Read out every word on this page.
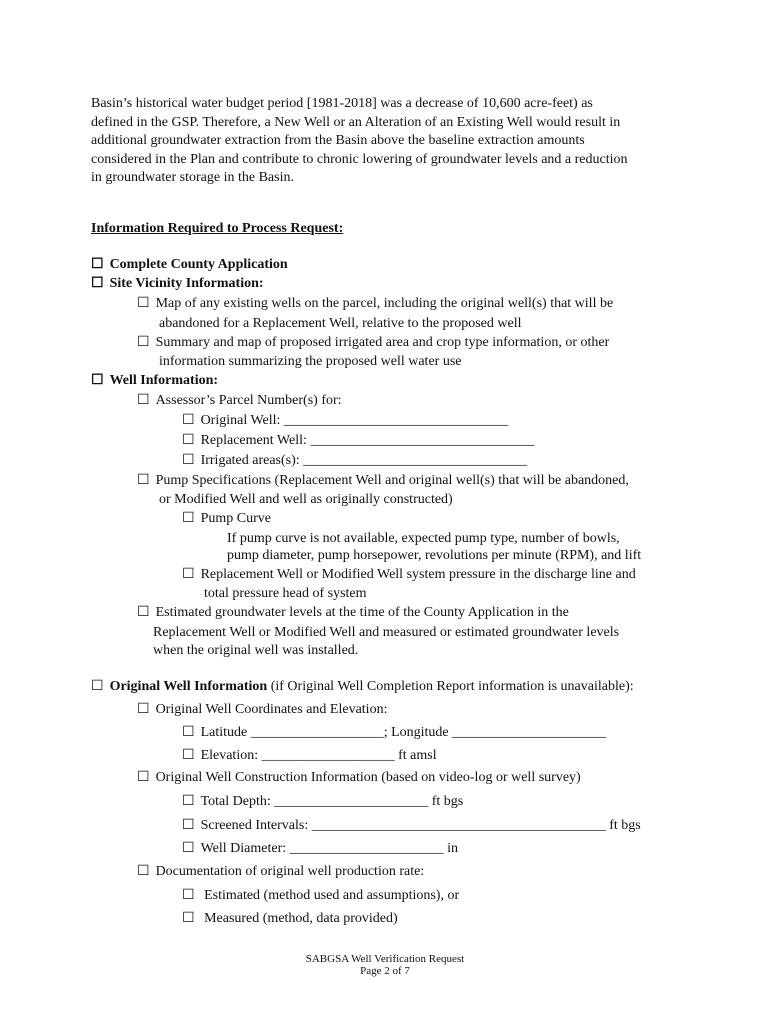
Basin’s historical water budget period [1981-2018] was a decrease of 10,600 acre-feet) as
defined in the GSP. Therefore, a New Well or an Alteration of an Existing Well would result in
additional groundwater extraction from the Basin above the baseline extraction amounts
considered in the Plan and contribute to chronic lowering of groundwater levels and a reduction
in groundwater storage in the Basin.
Information Required to Process Request:
☐ Complete County Application
☐ Site Vicinity Information:
☐ Map of any existing wells on the parcel, including the original well(s) that will be
abandoned for a Replacement Well, relative to the proposed well
☐ Summary and map of proposed irrigated area and crop type information, or other
information summarizing the proposed well water use
☐ Well Information:
☐ Assessor’s Parcel Number(s) for:
☐ Original Well: ________________________________
☐ Replacement Well: ________________________________
☐ Irrigated areas(s): ________________________________
☐ Pump Specifications (Replacement Well and original well(s) that will be abandoned,
or Modified Well and well as originally constructed)
☐ Pump Curve
If pump curve is not available, expected pump type, number of bowls,
pump diameter, pump horsepower, revolutions per minute (RPM), and lift
☐ Replacement Well or Modified Well system pressure in the discharge line and
total pressure head of system
☐ Estimated groundwater levels at the time of the County Application in the
Replacement Well or Modified Well and measured or estimated groundwater levels
when the original well was installed.
☐ Original Well Information (if Original Well Completion Report information is unavailable):
☐ Original Well Coordinates and Elevation:
☐ Latitude ___________________; Longitude ______________________
☐ Elevation: ___________________ ft amsl
☐ Original Well Construction Information (based on video-log or well survey)
☐ Total Depth: ______________________ ft bgs
☐ Screened Intervals: __________________________________________ ft bgs
☐ Well Diameter: ______________________ in
☐ Documentation of original well production rate:
☐ Estimated (method used and assumptions), or
☐ Measured (method, data provided)
SABGSA Well Verification Request
Page 2 of 7
